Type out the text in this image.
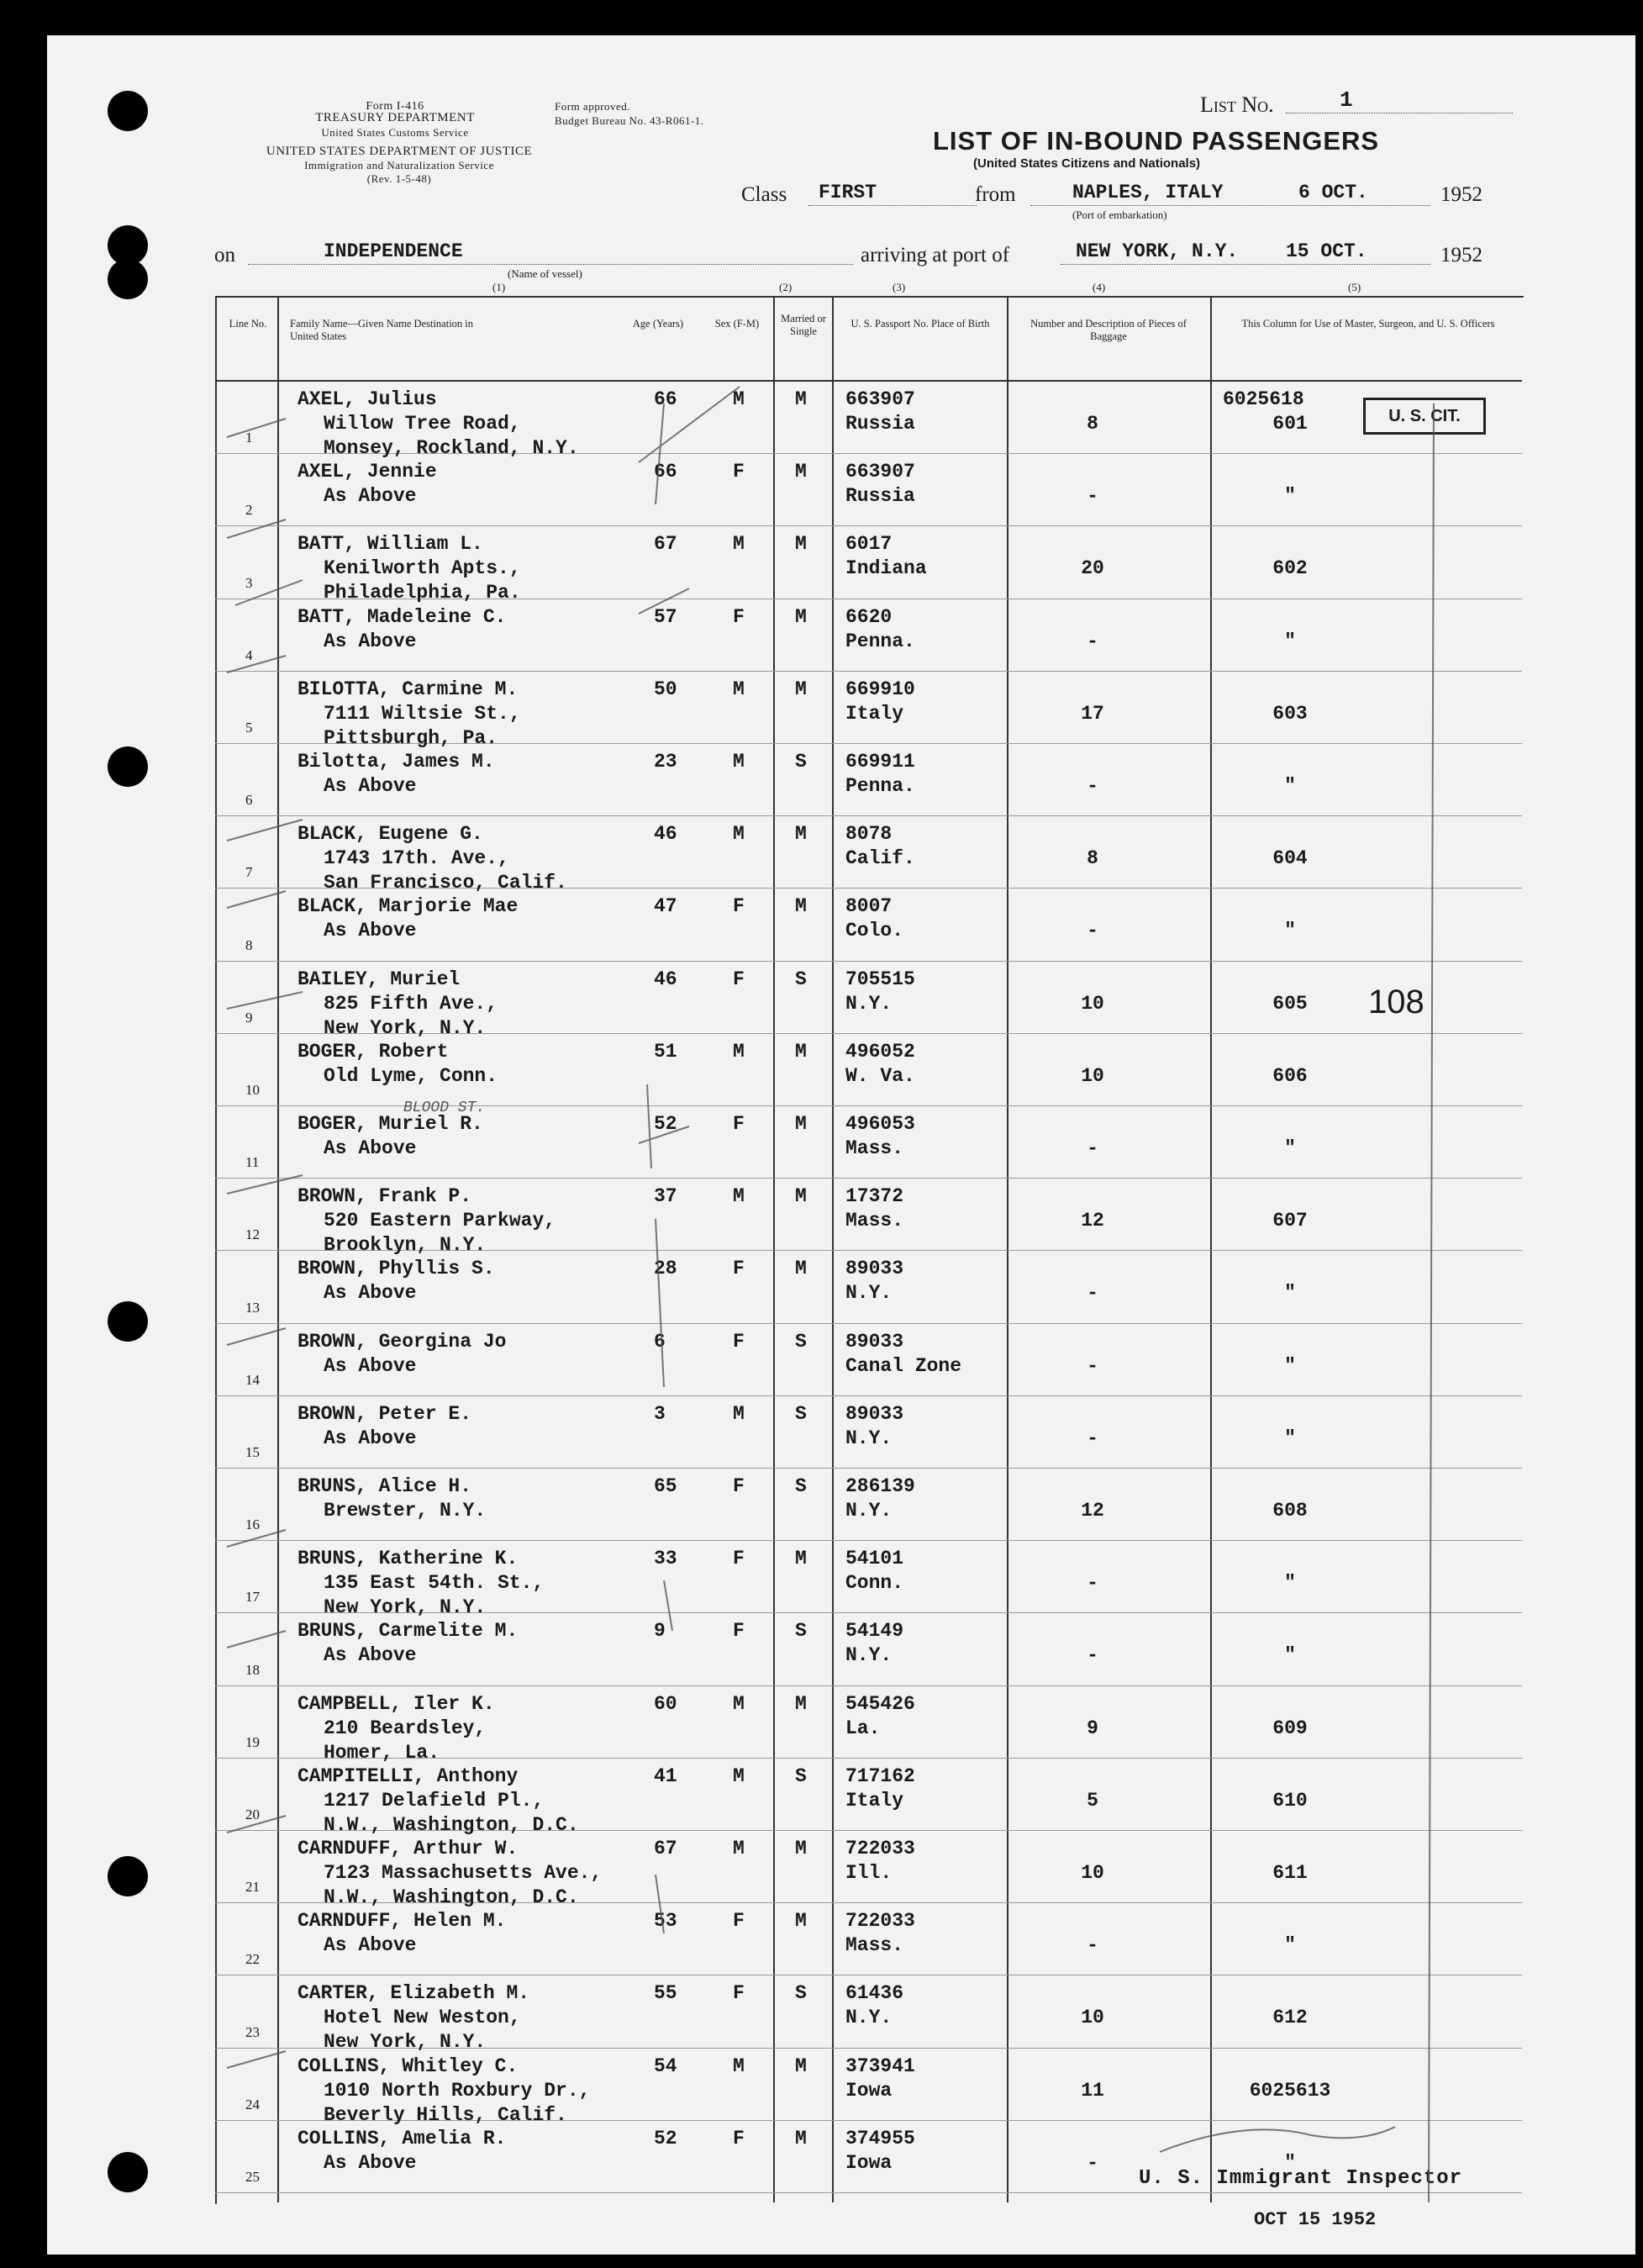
Form I-416
TREASURY DEPARTMENT
United States Customs Service
UNITED STATES DEPARTMENT OF JUSTICE
Immigration and Naturalization Service
(Rev. 1-5-48)
Form approved.
Budget Bureau No. 43-R061-1.
List No.	1
LIST OF IN-BOUND PASSENGERS
(United States Citizens and Nationals)
Class FIRST	from	NAPLES, ITALY	6 OCT.	1952
(Port of embarkation)
on	INDEPENDENCE
(Name of vessel)
arriving at port of	NEW YORK, N.Y. 15 OCT.	1952
(1)	(2)	(3)	(4)	(5)
Line No.	Family Name—Given Name Destination in United States
Age (Years)	Sex (F-M)	Married or Single
U. S. Passport No. Place of Birth	Number and Description of Pieces of Baggage
This Column for Use of Master, Surgeon, and U. S. Officers
1
AXEL, Julius
Willow Tree Road,
Monsey, Rockland, N.Y.
66	M	M 663907
Russia	8	601
6025618
2
AXEL, Jennie
As Above
66	F	M 663907
Russia	-	"
3
BATT, William L.
Kenilworth Apts.,
Philadelphia, Pa.
67	M	M 6017
Indiana	20	602
4
BATT, Madeleine C.
As Above
57	F	M 6620
Penna.	-	"
5
BILOTTA, Carmine M.
7111 Wiltsie St.,
Pittsburgh, Pa.
50	M	M 669910
Italy	17	603
6
Bilotta, James M.
As Above
23	M	S 669911
Penna.	-	"
7
BLACK, Eugene G.
1743 17th. Ave.,
San Francisco, Calif.
46	M	M 8078
Calif.	8	604
8
BLACK, Marjorie Mae
As Above
47	F	M 8007
Colo.	-	"
9
BAILEY, Muriel
825 Fifth Ave.,
New York, N.Y.
46	F	S 705515
N.Y.	10	605
10
BOGER, Robert
Old Lyme, Conn.
51	M	M 496052
W. Va.	10	606
11
BOGER, Muriel R.
As Above
52	F	M 496053
Mass.	-	"
12
BROWN, Frank P.
520 Eastern Parkway,
Brooklyn, N.Y.
37	M	M 17372
Mass.	12	607
13
BROWN, Phyllis S.
As Above
28	F	M 89033
N.Y.	-	"
14
BROWN, Georgina Jo
As Above
6	F	S 89033
Canal Zone	-	"
15
BROWN, Peter E.
As Above
3	M	S 89033
N.Y.	-	"
16
BRUNS, Alice H.
Brewster, N.Y.
65	F	S 286139
N.Y.	12	608
17
BRUNS, Katherine K.
135 East 54th. St.,
New York, N.Y.
33	F	M 54101
Conn.	-	"
18
BRUNS, Carmelite M.
As Above
9	F	S 54149
N.Y.	-	"
19
CAMPBELL, Iler K.
210 Beardsley,
Homer, La.
60	M	M 545426
La.	9	609
20
CAMPITELLI, Anthony
1217 Delafield Pl.,
N.W., Washington, D.C.
41	M	S 717162
Italy	5	610
21
CARNDUFF, Arthur W.
7123 Massachusetts Ave.,
N.W., Washington, D.C.
67	M	M 722033
Ill.	10	611
22
CARNDUFF, Helen M.
As Above
53	F	M 722033
Mass.	-	"
23
CARTER, Elizabeth M.
Hotel New Weston,
New York, N.Y.
55	F	S 61436
N.Y.	10	612
24
COLLINS, Whitley C.
1010 North Roxbury Dr.,
Beverly Hills, Calif.
54	M	M 373941
Iowa	11	6025613
25
COLLINS, Amelia R.
As Above
52	F	M 374955
Iowa	-	"
U. S. CIT.
108
BLOOD ST.
U. S. Immigrant Inspector
OCT 15 1952
